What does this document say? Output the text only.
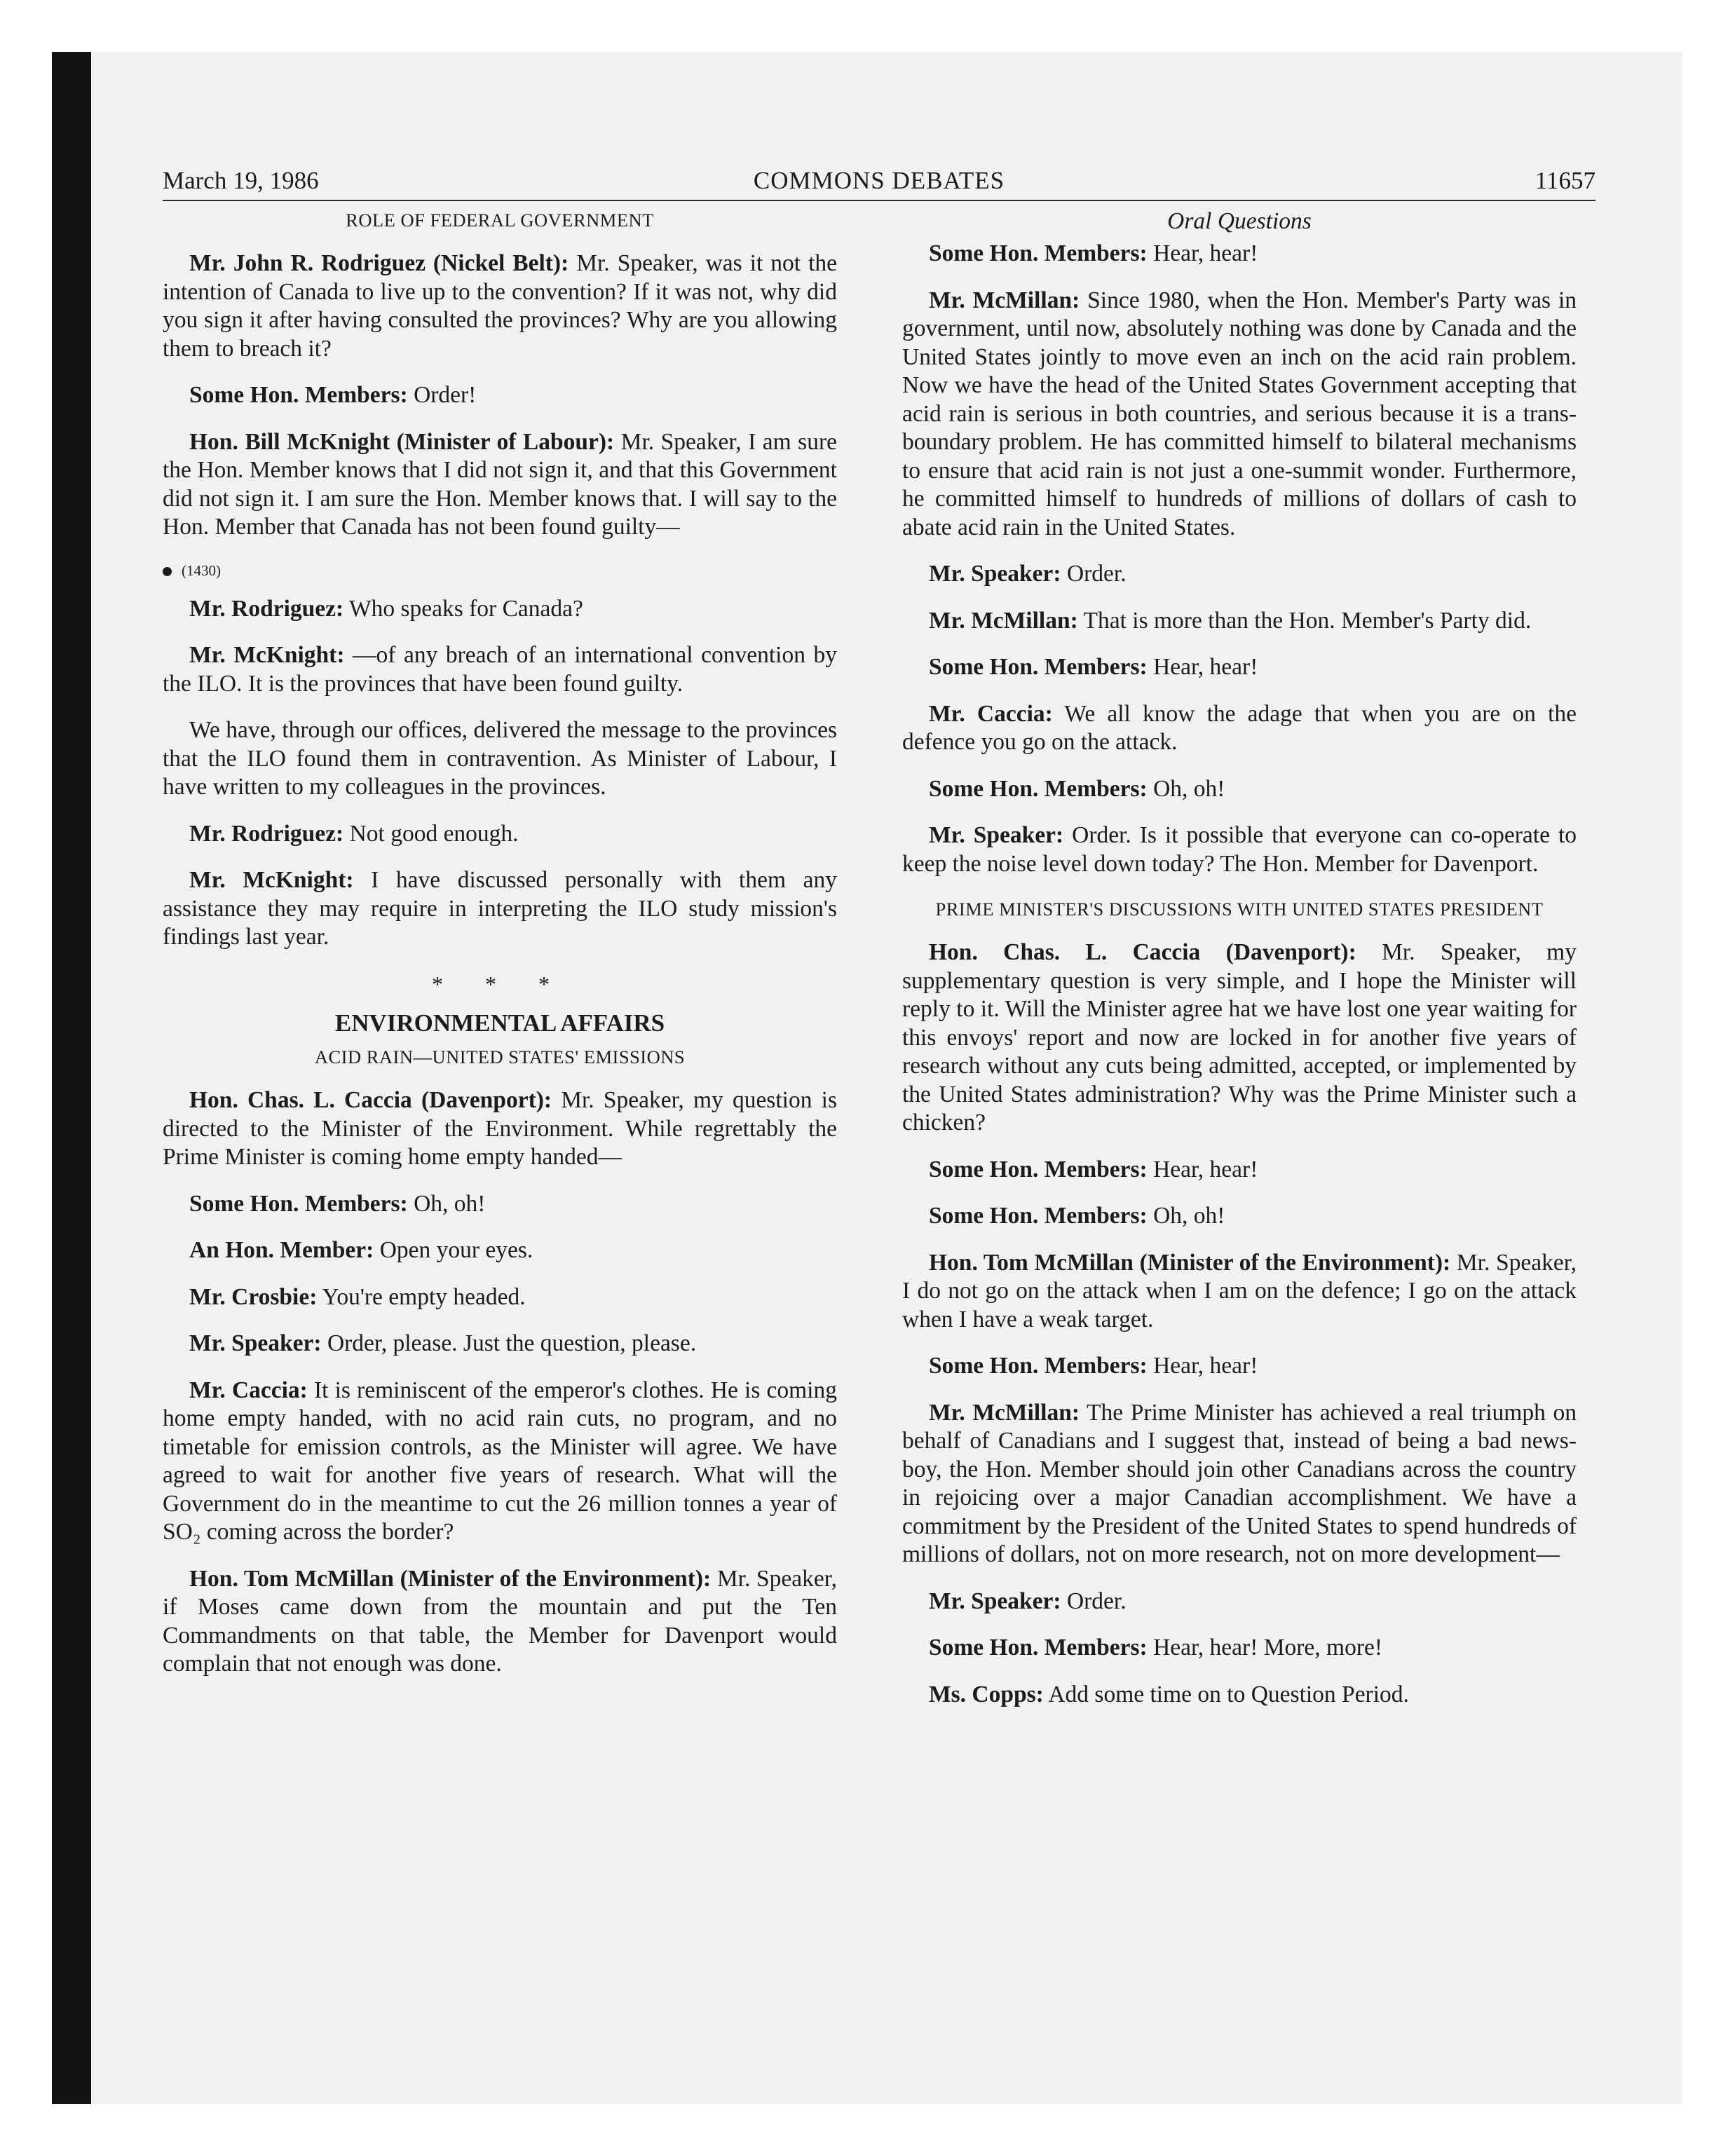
March 19, 1986	COMMONS DEBATES	11657
ROLE OF FEDERAL GOVERNMENT

Mr. John R. Rodriguez (Nickel Belt): Mr. Speaker, was it not the intention of Canada to live up to the convention? If it was not, why did you sign it after having consulted the provinces? Why are you allowing them to breach it?

Some Hon. Members: Order!

Hon. Bill McKnight (Minister of Labour): Mr. Speaker, I am sure the Hon. Member knows that I did not sign it, and that this Government did not sign it. I am sure the Hon. Member knows that. I will say to the Hon. Member that Canada has not been found guilty—

(1430)

Mr. Rodriguez: Who speaks for Canada?

Mr. McKnight: —of any breach of an international convention by the ILO. It is the provinces that have been found guilty.

We have, through our offices, delivered the message to the provinces that the ILO found them in contravention. As Minister of Labour, I have written to my colleagues in the provinces.

Mr. Rodriguez: Not good enough.

Mr. McKnight: I have discussed personally with them any assistance they may require in interpreting the ILO study mission's findings last year.

* * *
ENVIRONMENTAL AFFAIRS
ACID RAIN—UNITED STATES' EMISSIONS

Hon. Chas. L. Caccia (Davenport): Mr. Speaker, my question is directed to the Minister of the Environment. While regrettably the Prime Minister is coming home empty handed—

Some Hon. Members: Oh, oh!

An Hon. Member: Open your eyes.

Mr. Crosbie: You're empty headed.

Mr. Speaker: Order, please. Just the question, please.

Mr. Caccia: It is reminiscent of the emperor's clothes. He is coming home empty handed, with no acid rain cuts, no program, and no timetable for emission controls, as the Minister will agree. We have agreed to wait for another five years of research. What will the Government do in the meantime to cut the 26 million tonnes a year of SO₂ coming across the border?

Hon. Tom McMillan (Minister of the Environment): Mr. Speaker, if Moses came down from the mountain and put the Ten Commandments on that table, the Member for Davenport would complain that not enough was done.

Oral Questions

Some Hon. Members: Hear, hear!

Mr. McMillan: Since 1980, when the Hon. Member's Party was in government, until now, absolutely nothing was done by Canada and the United States jointly to move even an inch on the acid rain problem. Now we have the head of the United States Government accepting that acid rain is serious in both countries, and serious because it is a trans-boundary problem. He has committed himself to bilateral mechanisms to ensure that acid rain is not just a one-summit wonder. Furthermore, he committed himself to hundreds of millions of dollars of cash to abate acid rain in the United States.

Mr. Speaker: Order.

Mr. McMillan: That is more than the Hon. Member's Party did.

Some Hon. Members: Hear, hear!

Mr. Caccia: We all know the adage that when you are on the defence you go on the attack.

Some Hon. Members: Oh, oh!

Mr. Speaker: Order. Is it possible that everyone can co-operate to keep the noise level down today? The Hon. Member for Davenport.

PRIME MINISTER'S DISCUSSIONS WITH UNITED STATES PRESIDENT

Hon. Chas. L. Caccia (Davenport): Mr. Speaker, my supplementary question is very simple, and I hope the Minister will reply to it. Will the Minister agree hat we have lost one year waiting for this envoys' report and now are locked in for another five years of research without any cuts being admitted, accepted, or implemented by the United States administration? Why was the Prime Minister such a chicken?

Some Hon. Members: Hear, hear!

Some Hon. Members: Oh, oh!

Hon. Tom McMillan (Minister of the Environment): Mr. Speaker, I do not go on the attack when I am on the defence; I go on the attack when I have a weak target.

Some Hon. Members: Hear, hear!

Mr. McMillan: The Prime Minister has achieved a real triumph on behalf of Canadians and I suggest that, instead of being a bad news-boy, the Hon. Member should join other Canadians across the country in rejoicing over a major Canadian accomplishment. We have a commitment by the President of the United States to spend hundreds of millions of dollars, not on more research, not on more development—

Mr. Speaker: Order.

Some Hon. Members: Hear, hear! More, more!

Ms. Copps: Add some time on to Question Period.
